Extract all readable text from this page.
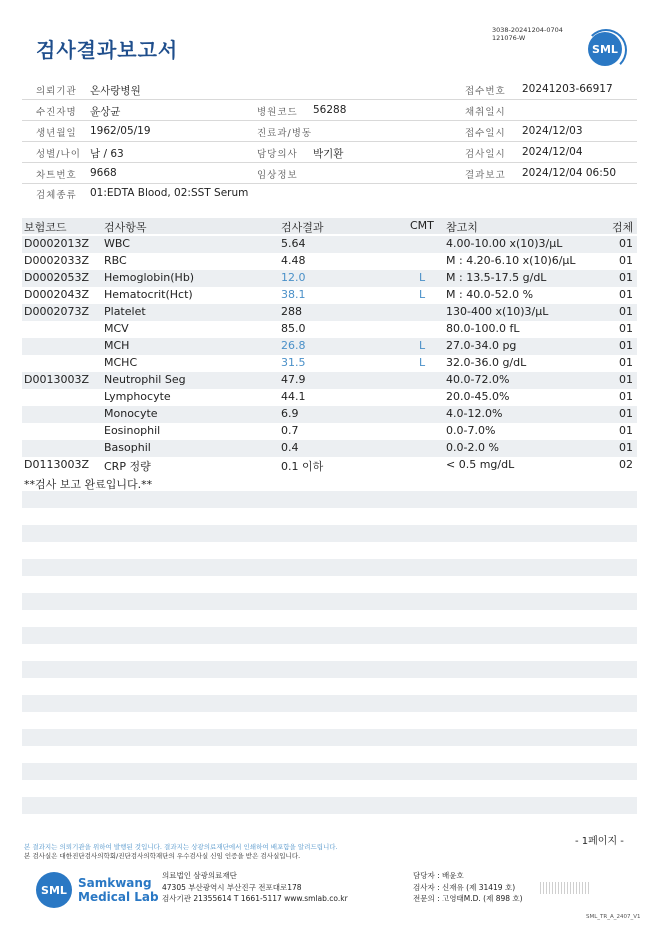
검사결과보고서
3038-20241204-0704
121076-W
SML
의뢰기관 온사랑병원	접수번호 20241203-66917
수진자명 윤상균	병원코드 56288	채취일시
생년월일 1962/05/19	진료과/병동	접수일시 2024/12/03
성별/나이 남 / 63	담당의사 박기환	검사일시 2024/12/04
차트번호 9668	임상정보	결과보고 2024/12/04 06:50
검체종류 01:EDTA Blood, 02:SST Serum
보험코드	검사항목	검사결과	CMT 참고치	검체
D0002013Z WBC	5.64	4.00-10.00 x(10)3/μL	01
D0002033Z RBC	4.48	M : 4.20-6.10 x(10)6/μL	01
D0002053Z Hemoglobin(Hb)	12.0	L M : 13.5-17.5 g/dL	01
D0002043Z Hematocrit(Hct)	38.1	L M : 40.0-52.0 %	01
D0002073Z Platelet	288	130-400 x(10)3/μL	01
MCV	85.0	80.0-100.0 fL	01
MCH	26.8	L 27.0-34.0 pg	01
MCHC	31.5	L 32.0-36.0 g/dL	01
D0013003Z Neutrophil Seg	47.9	40.0-72.0%	01
Lymphocyte	44.1	20.0-45.0%	01
Monocyte	6.9	4.0-12.0%	01
Eosinophil	0.7	0.0-7.0%	01
Basophil	0.4	0.0-2.0 %	01
D0113003Z CRP 정량	0.1 이하	< 0.5 mg/dL	02
**검사 보고 완료입니다.**
- 1페이지 -
본 결과지는 의뢰기관을 위하여 발행된 것입니다. 결과지는 상광의료재단에서 인쇄하여 배포함을 알려드립니다.
본 검사실은 대한진단검사의학회/진단검사의학재단의 우수검사실 신임 인증을 받은 검사실입니다.
SML Samkwang
Medical Lab
의료법인 삼광의료재단
47305 부산광역시 부산진구 전포대로178
검사기관 21355614 T 1661-5117 www.smlab.co.kr
담당자 : 배윤호
검사자 : 신재유 (제 31419 호)
전문의 : 고영태M.D. (제 898 호)
SML_TR_A_2407_V1
